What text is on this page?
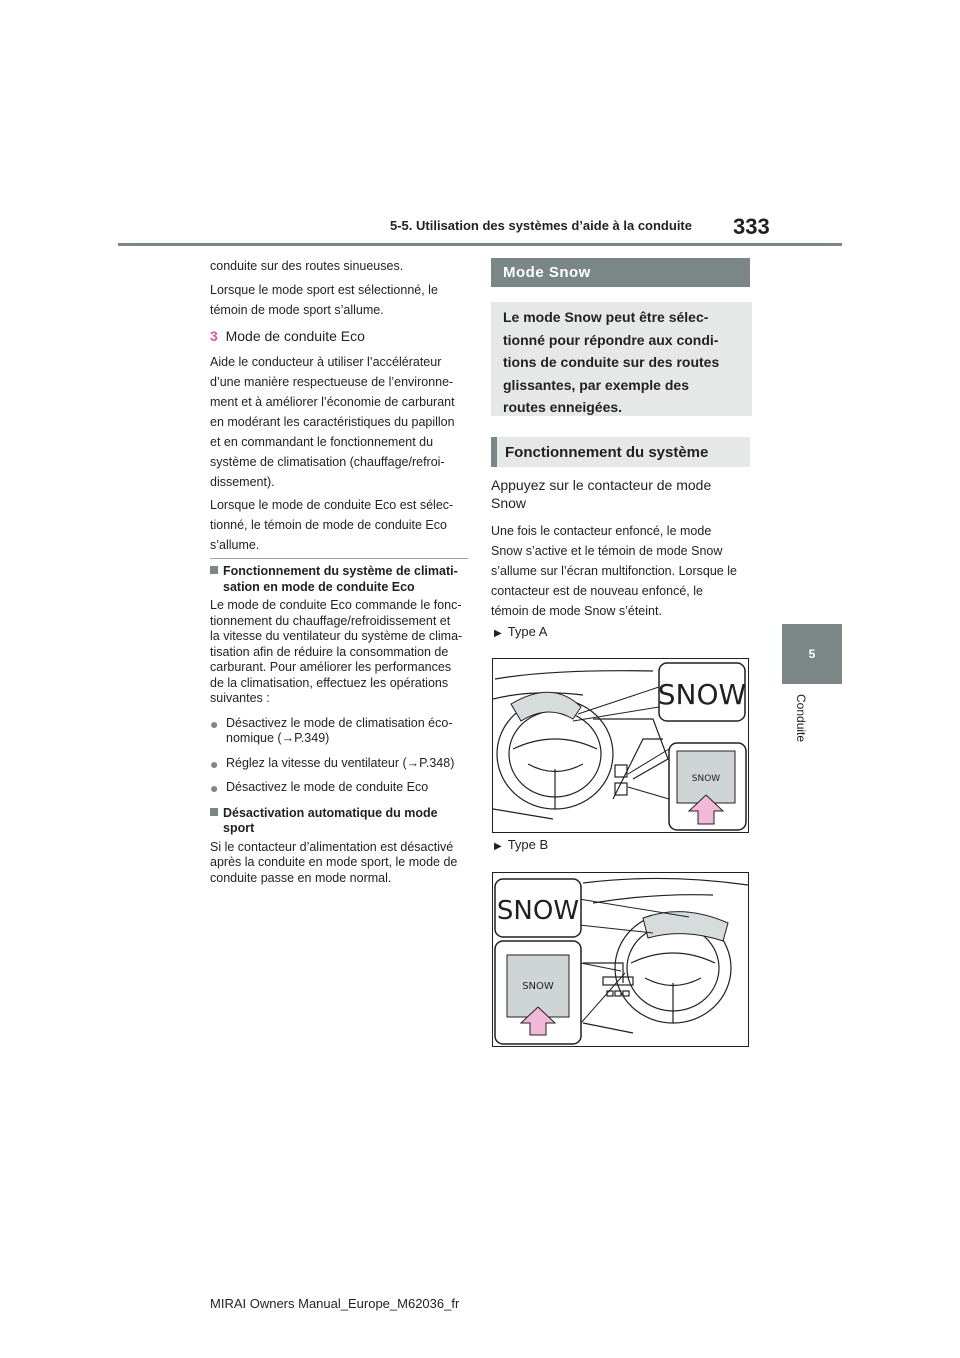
5-5. Utilisation des systèmes d’aide à la conduite 333
5
Conduite

conduite sur des routes sinueuses.

Lorsque le mode sport est sélectionné, le

témoin de mode sport s’allume.

3 Mode de conduite Eco

Aide le conducteur à utiliser l’accélérateur

d’une manière respectueuse de l’environne-

ment et à améliorer l’économie de carburant

en modérant les caractéristiques du papillon

et en commandant le fonctionnement du

système de climatisation (chauffage/refroi-

dissement).

Lorsque le mode de conduite Eco est sélec-

tionné, le témoin de mode de conduite Eco

s’allume.

Fonctionnement du système de climati-

sation en mode de conduite Eco

Le mode de conduite Eco commande le fonc-

tionnement du chauffage/refroidissement et

la vitesse du ventilateur du système de clima-

tisation afin de réduire la consommation de

carburant. Pour améliorer les performances

de la climatisation, effectuez les opérations

suivantes :

● Désactivez le mode de climatisation éco-

nomique (→P.349)

● Réglez la vitesse du ventilateur (→P.348)

● Désactivez le mode de conduite Eco

Désactivation automatique du mode

sport

Si le contacteur d’alimentation est désactivé

après la conduite en mode sport, le mode de

conduite passe en mode normal.

Mode Snow

Le mode Snow peut être sélec-

tionné pour répondre aux condi-

tions de conduite sur des routes

glissantes, par exemple des

routes enneigées.

Fonctionnement du système

Appuyez sur le contacteur de mode

Snow

Une fois le contacteur enfoncé, le mode

Snow s’active et le témoin de mode Snow

s’allume sur l’écran multifonction. Lorsque le

contacteur est de nouveau enfoncé, le

témoin de mode Snow s’éteint.

▶ Type A
SNOW
SNOW
▶ Type B
SNOW
SNOW
MIRAI Owners Manual_Europe_M62036_fr
